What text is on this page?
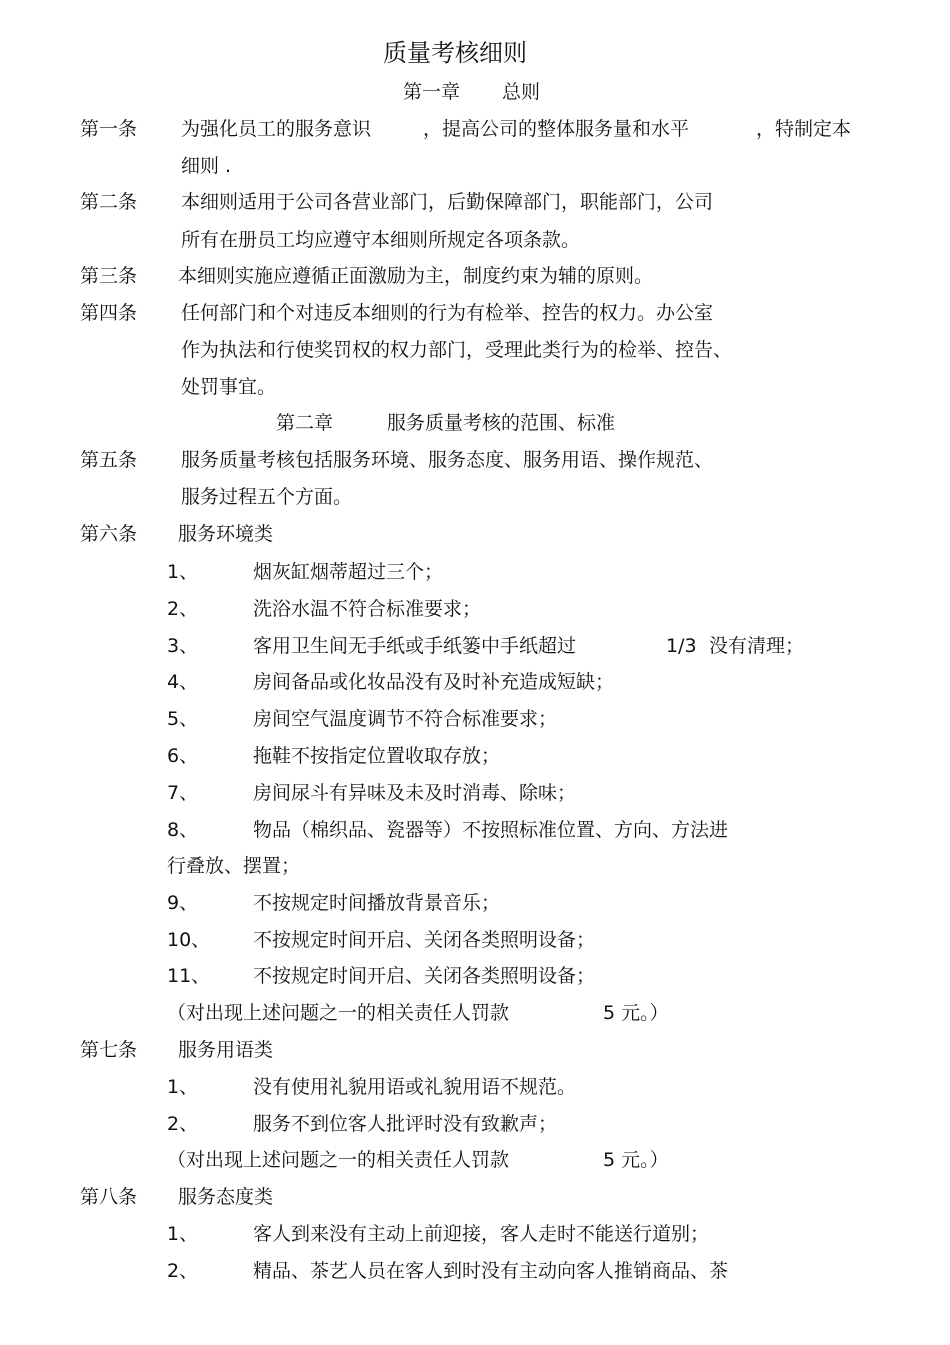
质量考核细则
第一章 总则
第一条 为强化员工的服务意识	，提高公司的整体服务量和水平	，特制定本
细则 .
第二条 本细则适用于公司各营业部门，后勤保障部门，职能部门，公司
所有在册员工均应遵守本细则所规定各项条款。
第三条 本细则实施应遵循正面激励为主，制度约束为辅的原则。
第四条 任何部门和个对违反本细则的行为有检举、控告的权力。办公室
作为执法和行使奖罚权的权力部门，受理此类行为的检举、控告、
处罚事宜。
第二章	服务质量考核的范围、标准
第五条 服务质量考核包括服务环境、服务态度、服务用语、操作规范、
服务过程五个方面。
第六条 服务环境类
1、	烟灰缸烟蒂超过三个；
2、	洗浴水温不符合标准要求；
3、	客用卫生间无手纸或手纸篓中手纸超过	1/3 没有清理；
4、	房间备品或化妆品没有及时补充造成短缺；
5、	房间空气温度调节不符合标准要求；
6、	拖鞋不按指定位置收取存放；
7、	房间尿斗有异味及未及时消毒、除味；
8、	物品（棉织品、瓷器等）不按照标准位置、方向、方法进
行叠放、摆置；
9、	不按规定时间播放背景音乐；
10、 不按规定时间开启、关闭各类照明设备；
11、 不按规定时间开启、关闭各类照明设备；
（对出现上述问题之一的相关责任人罚款	5 元。）
第七条 服务用语类
1、	没有使用礼貌用语或礼貌用语不规范。
2、	服务不到位客人批评时没有致歉声；
（对出现上述问题之一的相关责任人罚款	5 元。）
第八条 服务态度类
1、	客人到来没有主动上前迎接，客人走时不能送行道别；
2、	精品、茶艺人员在客人到时没有主动向客人推销商品、茶
